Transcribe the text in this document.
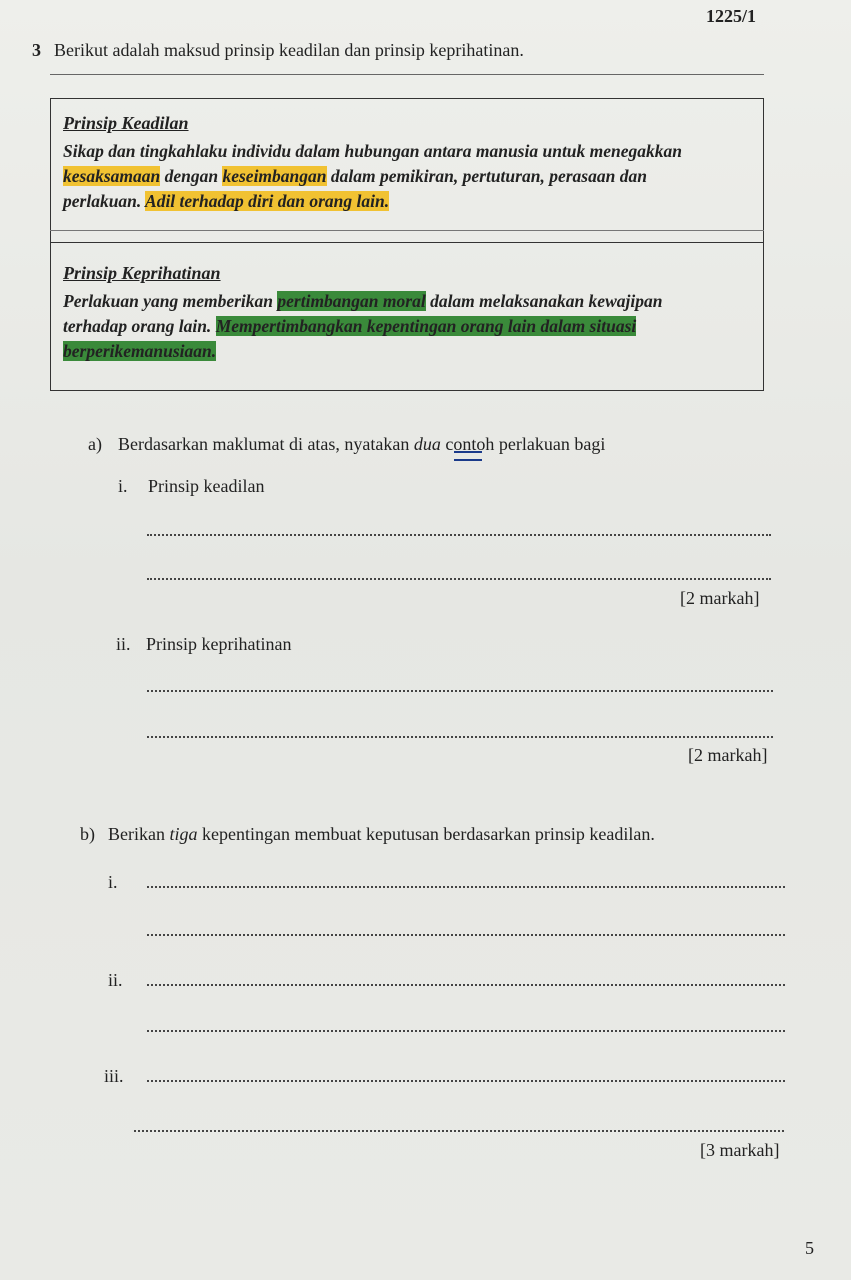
1225/1
3 Berikut adalah maksud prinsip keadilan dan prinsip keprihatinan.
Prinsip Keadilan
Sikap dan tingkahlaku individu dalam hubungan antara manusia untuk menegakkan
kesaksamaan dengan keseimbangan dalam pemikiran, pertuturan, perasaan dan
perlakuan. Adil terhadap diri dan orang lain.
Prinsip Keprihatinan
Perlakuan yang memberikan pertimbangan moral dalam melaksanakan kewajipan
terhadap orang lain. Mempertimbangkan kepentingan orang lain dalam situasi
berperikemanusiaan.
a) Berdasarkan maklumat di atas, nyatakan dua contoh perlakuan bagi
i. Prinsip keadilan
[2 markah]
ii. Prinsip keprihatinan
[2 markah]
b) Berikan tiga kepentingan membuat keputusan berdasarkan prinsip keadilan.
i.
ii.
iii.
[3 markah]
5
